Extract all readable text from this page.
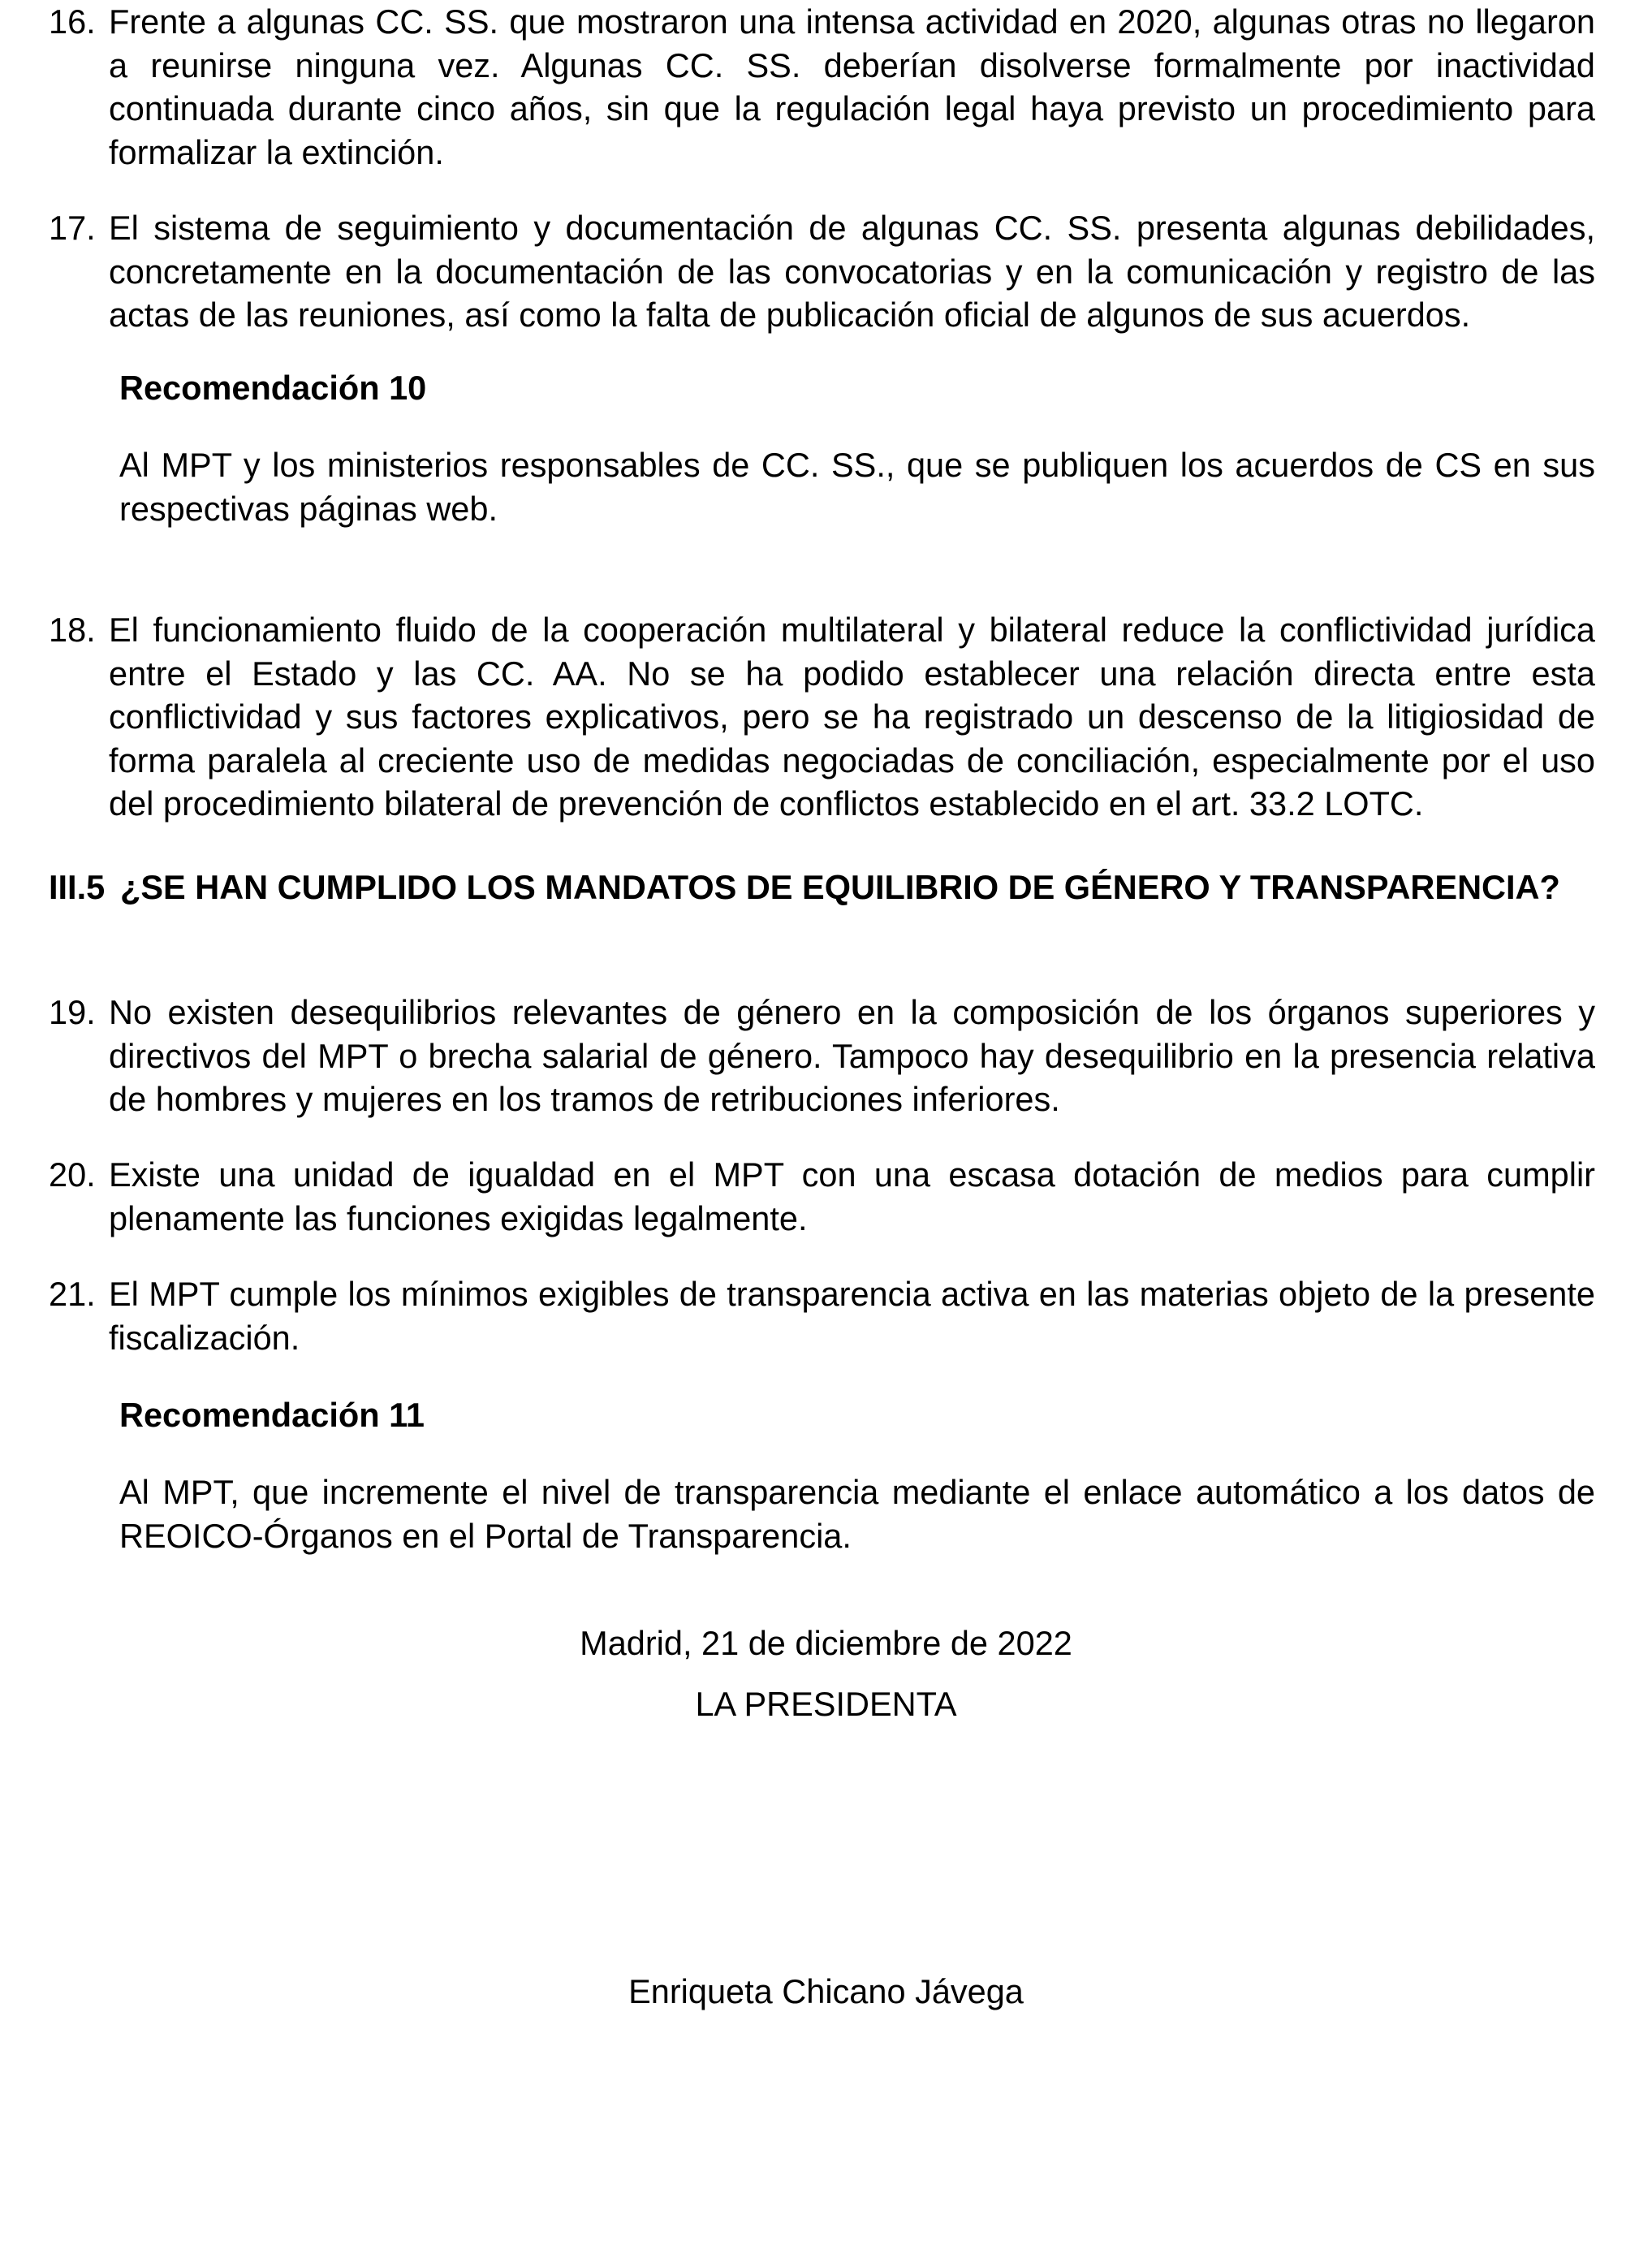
16. Frente a algunas CC. SS. que mostraron una intensa actividad en 2020, algunas otras no llegaron a reunirse ninguna vez. Algunas CC. SS. deberían disolverse formalmente por inactividad continuada durante cinco años, sin que la regulación legal haya previsto un procedimiento para formalizar la extinción.
17. El sistema de seguimiento y documentación de algunas CC. SS. presenta algunas debilidades, concretamente en la documentación de las convocatorias y en la comunicación y registro de las actas de las reuniones, así como la falta de publicación oficial de algunos de sus acuerdos.
Recomendación 10
Al MPT y los ministerios responsables de CC. SS., que se publiquen los acuerdos de CS en sus respectivas páginas web.
18. El funcionamiento fluido de la cooperación multilateral y bilateral reduce la conflictividad jurídica entre el Estado y las CC. AA. No se ha podido establecer una relación directa entre esta conflictividad y sus factores explicativos, pero se ha registrado un descenso de la litigiosidad de forma paralela al creciente uso de medidas negociadas de conciliación, especialmente por el uso del procedimiento bilateral de prevención de conflictos establecido en el art. 33.2 LOTC.
III.5 ¿SE HAN CUMPLIDO LOS MANDATOS DE EQUILIBRIO DE GÉNERO Y TRANSPARENCIA?
19. No existen desequilibrios relevantes de género en la composición de los órganos superiores y directivos del MPT o brecha salarial de género. Tampoco hay desequilibrio en la presencia relativa de hombres y mujeres en los tramos de retribuciones inferiores.
20. Existe una unidad de igualdad en el MPT con una escasa dotación de medios para cumplir plenamente las funciones exigidas legalmente.
21. El MPT cumple los mínimos exigibles de transparencia activa en las materias objeto de la presente fiscalización.
Recomendación 11
Al MPT, que incremente el nivel de transparencia mediante el enlace automático a los datos de REOICO-Órganos en el Portal de Transparencia.
Madrid, 21 de diciembre de 2022
LA PRESIDENTA
Enriqueta Chicano Jávega
